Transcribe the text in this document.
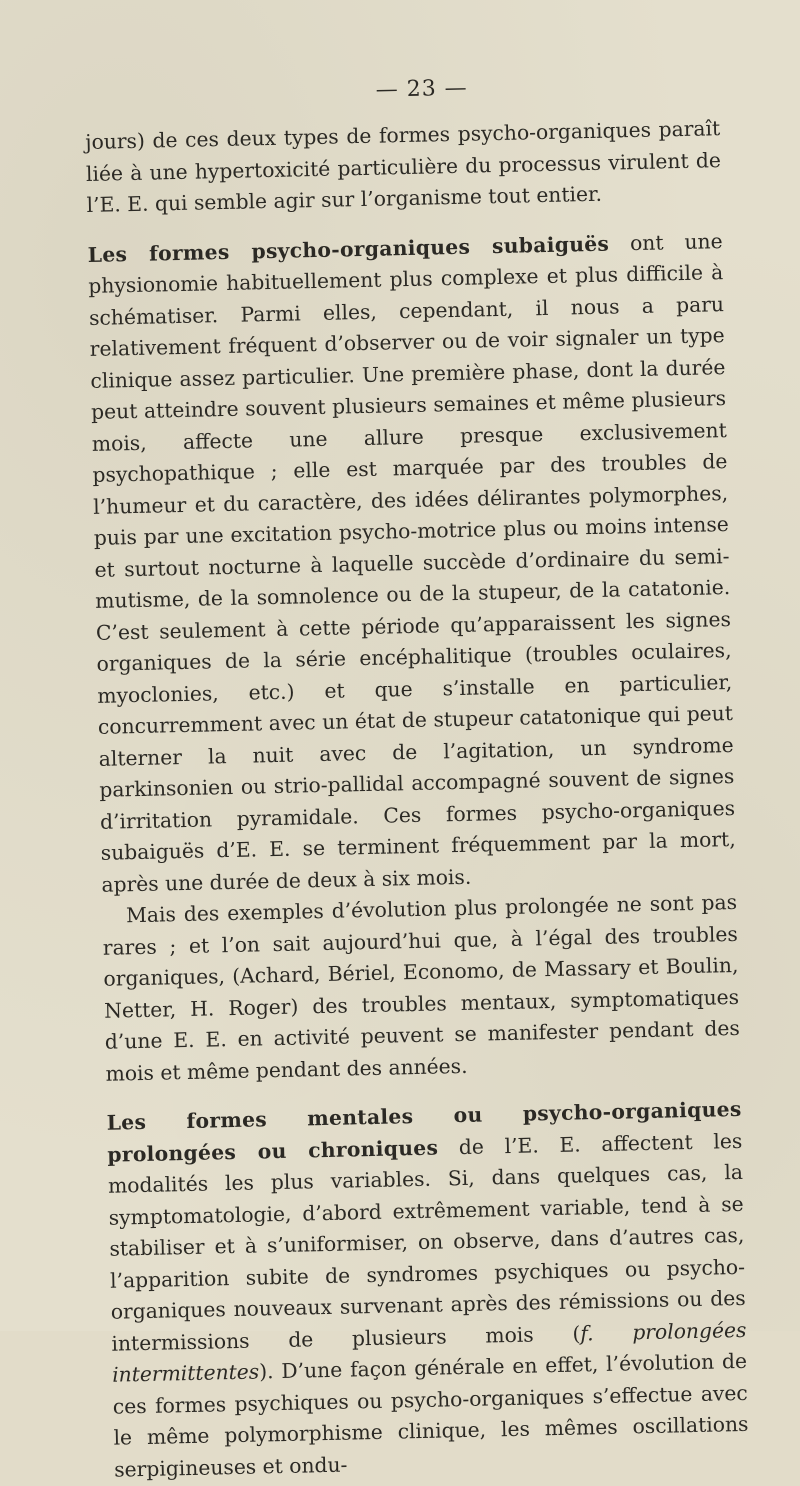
— 23 —

jours) de ces deux types de formes psycho-organiques paraît liée à une hypertoxicité particulière du processus virulent de l’E. E. qui semble agir sur l’organisme tout entier.

Les formes psycho-organiques subaiguës ont une physionomie habituellement plus complexe et plus difficile à schématiser. Parmi elles, cependant, il nous a paru relativement fréquent d’observer ou de voir signaler un type clinique assez particulier. Une première phase, dont la durée peut atteindre souvent plusieurs semaines et même plusieurs mois, affecte une allure presque exclusivement psychopathique ; elle est marquée par des troubles de l’humeur et du caractère, des idées délirantes polymorphes, puis par une excitation psycho-motrice plus ou moins intense et surtout nocturne à laquelle succède d’ordinaire du semi-mutisme, de la somnolence ou de la stupeur, de la catatonie. C’est seulement à cette période qu’apparaissent les signes organiques de la série encéphalitique (troubles oculaires, myoclonies, etc.) et que s’installe en particulier, concurremment avec un état de stupeur catatonique qui peut alterner la nuit avec de l’agitation, un syndrome parkinsonien ou strio-pallidal accompagné souvent de signes d’irritation pyramidale. Ces formes psycho-organiques subaiguës d’E. E. se terminent fréquemment par la mort, après une durée de deux à six mois.

Mais des exemples d’évolution plus prolongée ne sont pas rares ; et l’on sait aujourd’hui que, à l’égal des troubles organiques, (Achard, Bériel, Economo, de Massary et Boulin, Netter, H. Roger) des troubles mentaux, symptomatiques d’une E. E. en activité peuvent se manifester pendant des mois et même pendant des années.

Les formes mentales ou psycho-organiques prolongées ou chroniques de l’E. E. affectent les modalités les plus variables. Si, dans quelques cas, la symptomatologie, d’abord extrêmement variable, tend à se stabiliser et à s’uniformiser, on observe, dans d’autres cas, l’apparition subite de syndromes psychiques ou psycho-organiques nouveaux survenant après des rémissions ou des intermissions de plusieurs mois (f. prolongées intermittentes). D’une façon générale en effet, l’évolution de ces formes psychiques ou psycho-organiques s’effectue avec le même polymorphisme clinique, les mêmes oscillations serpigineuses et ondu-
